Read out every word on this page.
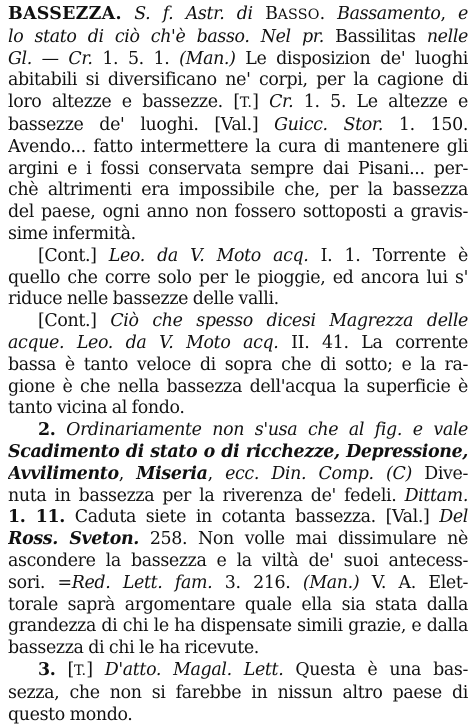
BASSEZZA. S. f. Astr. di BASSO. Bassamento, e
lo stato di ciò ch'è basso. Nel pr. Bassilitas nelle
Gl. — Cr. 1. 5. 1. (Man.) Le disposizion de' luoghi
abitabili si diversificano ne' corpi, per la cagione di
loro altezze e bassezze. [T.] Cr. 1. 5. Le altezze e
bassezze de' luoghi. [Val.] Guicc. Stor. 1. 150.
Avendo... fatto intermettere la cura di mantenere gli
argini e i fossi conservata sempre dai Pisani... per-
chè altrimenti era impossibile che, per la bassezza
del paese, ogni anno non fossero sottoposti a gravis-
sime infermità.
[Cont.] Leo. da V. Moto acq. I. 1. Torrente è
quello che corre solo per le pioggie, ed ancora lui s'
riduce nelle bassezze delle valli.
[Cont.] Ciò che spesso dicesi Magrezza delle
acque. Leo. da V. Moto acq. II. 41. La corrente
bassa è tanto veloce di sopra che di sotto; e la ra-
gione è che nella bassezza dell'acqua la superficie è
tanto vicina al fondo.
2. Ordinariamente non s'usa che al fig. e vale
Scadimento di stato o di ricchezze, Depressione,
Avvilimento, Miseria, ecc. Din. Comp. (C) Dive-
nuta in bassezza per la riverenza de' fedeli. Dittam.
1. 11. Caduta siete in cotanta bassezza. [Val.] Del
Ross. Sveton. 258. Non volle mai dissimulare nè
ascondere la bassezza e la viltà de' suoi antecess-
sori. =Red. Lett. fam. 3. 216. (Man.) V. A. Elet-
torale saprà argomentare quale ella sia stata dalla
grandezza di chi le ha dispensate simili grazie, e dalla
bassezza di chi le ha ricevute.
3. [T.] D'atto. Magal. Lett. Questa è una bas-
sezza, che non si farebbe in nissun altro paese di
questo mondo.
